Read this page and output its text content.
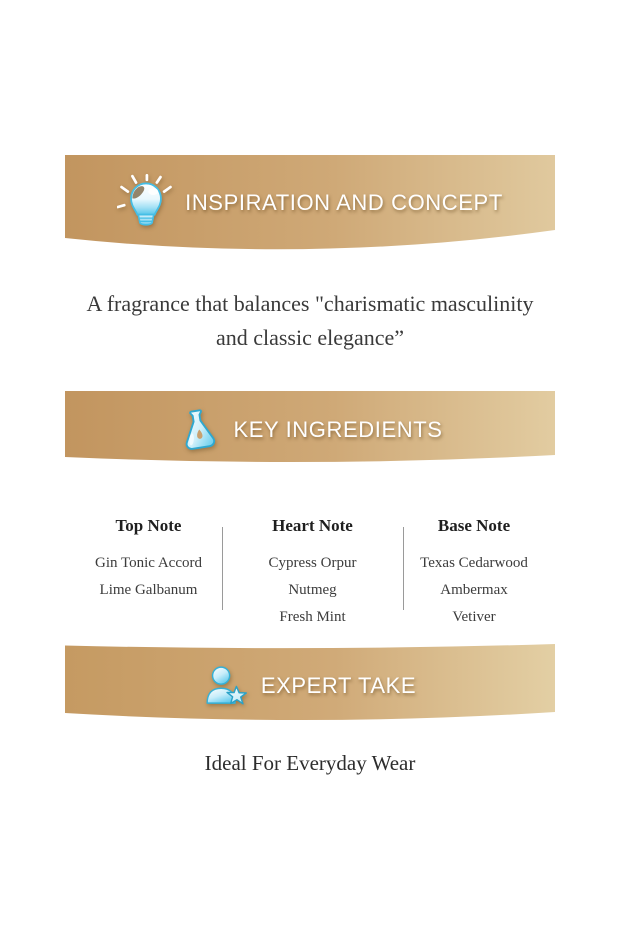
INSPIRATION AND CONCEPT
A fragrance that balances "charismatic masculinity
and classic elegance”
KEY INGREDIENTS
Top Note
Gin Tonic Accord
Lime Galbanum
Heart Note
Cypress Orpur
Nutmeg
Fresh Mint
Base Note
Texas Cedarwood
Ambermax
Vetiver
EXPERT TAKE
Ideal For Everyday Wear
